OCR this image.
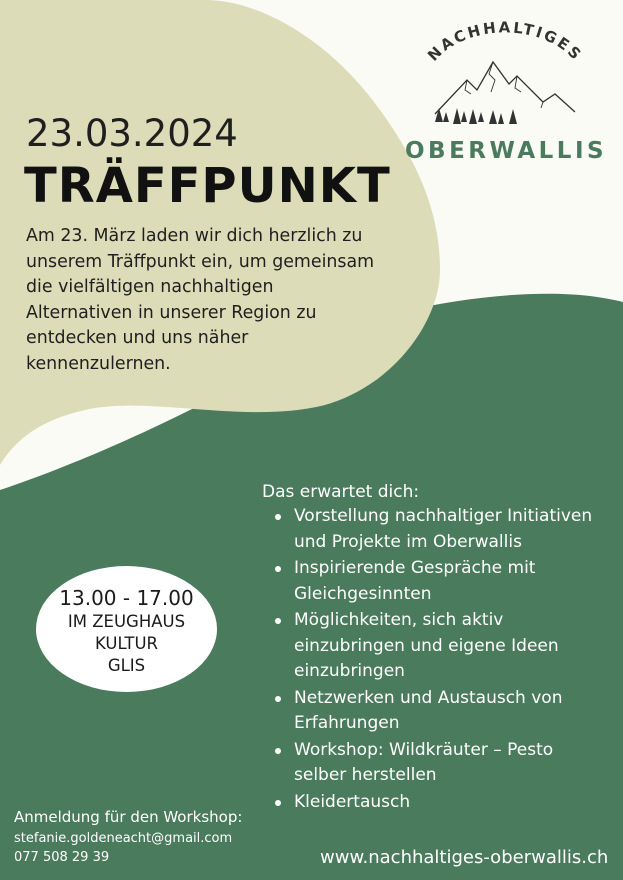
NACHHALTIGES
OBERWALLIS
23.03.2024
TRÄFFPUNKT
Am 23. März laden wir dich herzlich zu
unserem Träffpunkt ein, um gemeinsam
die vielfältigen nachhaltigen
Alternativen in unserer Region zu
entdecken und uns näher
kennenzulernen.
13.00 - 17.00
IM ZEUGHAUS
KULTUR
GLIS
Das erwartet dich:
Vorstellung nachhaltiger Initiativen
und Projekte im Oberwallis
Inspirierende Gespräche mit
Gleichgesinnten
Möglichkeiten, sich aktiv
einzubringen und eigene Ideen
einzubringen
Netzwerken und Austausch von
Erfahrungen
Workshop: Wildkräuter – Pesto
selber herstellen
Kleidertausch
Anmeldung für den Workshop:
stefanie.goldeneacht@gmail.com
077 508 29 39	www.nachhaltiges-oberwallis.ch
